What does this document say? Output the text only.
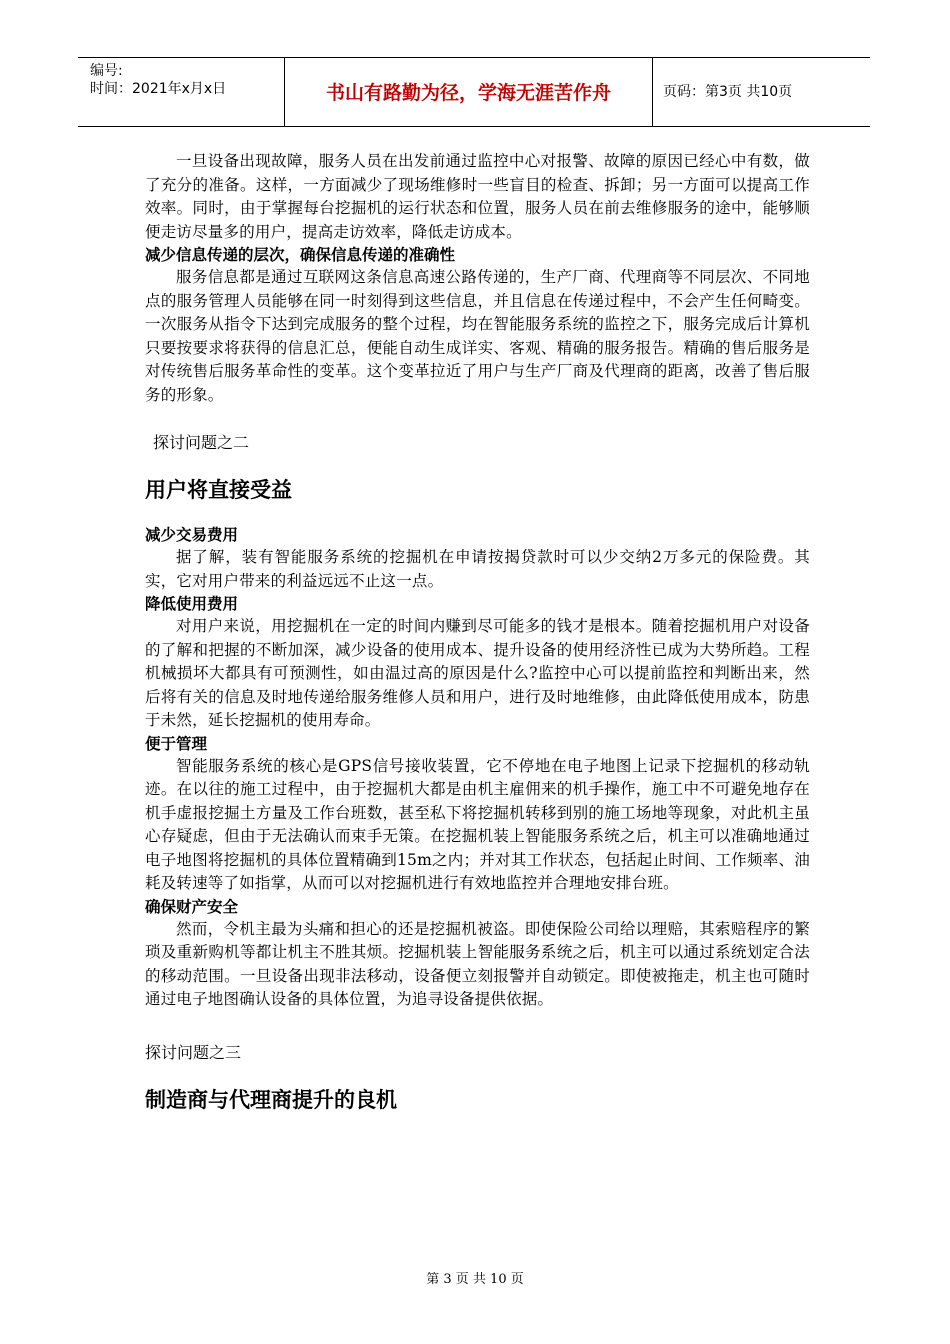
编号:
时间：2021年x月x日	书山有路勤为径，学海无涯苦作舟	页码：第3页 共10页

一旦设备出现故障，服务人员在出发前通过监控中心对报警、故障的原因已经心中有数，做了充分的准备。这样，一方面减少了现场维修时一些盲目的检查、拆卸；另一方面可以提高工作效率。同时，由于掌握每台挖掘机的运行状态和位置，服务人员在前去维修服务的途中，能够顺便走访尽量多的用户，提高走访效率，降低走访成本。

减少信息传递的层次，确保信息传递的准确性

服务信息都是通过互联网这条信息高速公路传递的，生产厂商、代理商等不同层次、不同地点的服务管理人员能够在同一时刻得到这些信息，并且信息在传递过程中，不会产生任何畸变。一次服务从指令下达到完成服务的整个过程，均在智能服务系统的监控之下，服务完成后计算机只要按要求将获得的信息汇总，便能自动生成详实、客观、精确的服务报告。精确的售后服务是对传统售后服务革命性的变革。这个变革拉近了用户与生产厂商及代理商的距离，改善了售后服务的形象。

探讨问题之二

用户将直接受益

减少交易费用

据了解，装有智能服务系统的挖掘机在申请按揭贷款时可以少交纳2万多元的保险费。其实，它对用户带来的利益远远不止这一点。

降低使用费用

对用户来说，用挖掘机在一定的时间内赚到尽可能多的钱才是根本。随着挖掘机用户对设备的了解和把握的不断加深，减少设备的使用成本、提升设备的使用经济性已成为大势所趋。工程机械损坏大都具有可预测性，如由温过高的原因是什么?监控中心可以提前监控和判断出来，然后将有关的信息及时地传递给服务维修人员和用户，进行及时地维修，由此降低使用成本，防患于未然，延长挖掘机的使用寿命。

便于管理

智能服务系统的核心是GPS信号接收装置，它不停地在电子地图上记录下挖掘机的移动轨迹。在以往的施工过程中，由于挖掘机大都是由机主雇佣来的机手操作，施工中不可避免地存在机手虚报挖掘土方量及工作台班数，甚至私下将挖掘机转移到别的施工场地等现象，对此机主虽心存疑虑，但由于无法确认而束手无策。在挖掘机装上智能服务系统之后，机主可以准确地通过电子地图将挖掘机的具体位置精确到15m之内；并对其工作状态，包括起止时间、工作频率、油耗及转速等了如指掌，从而可以对挖掘机进行有效地监控并合理地安排台班。

确保财产安全

然而，令机主最为头痛和担心的还是挖掘机被盗。即使保险公司给以理赔，其索赔程序的繁琐及重新购机等都让机主不胜其烦。挖掘机装上智能服务系统之后，机主可以通过系统划定合法的移动范围。一旦设备出现非法移动，设备便立刻报警并自动锁定。即使被拖走，机主也可随时通过电子地图确认设备的具体位置，为追寻设备提供依据。

探讨问题之三

制造商与代理商提升的良机

第 3 页 共 10 页
